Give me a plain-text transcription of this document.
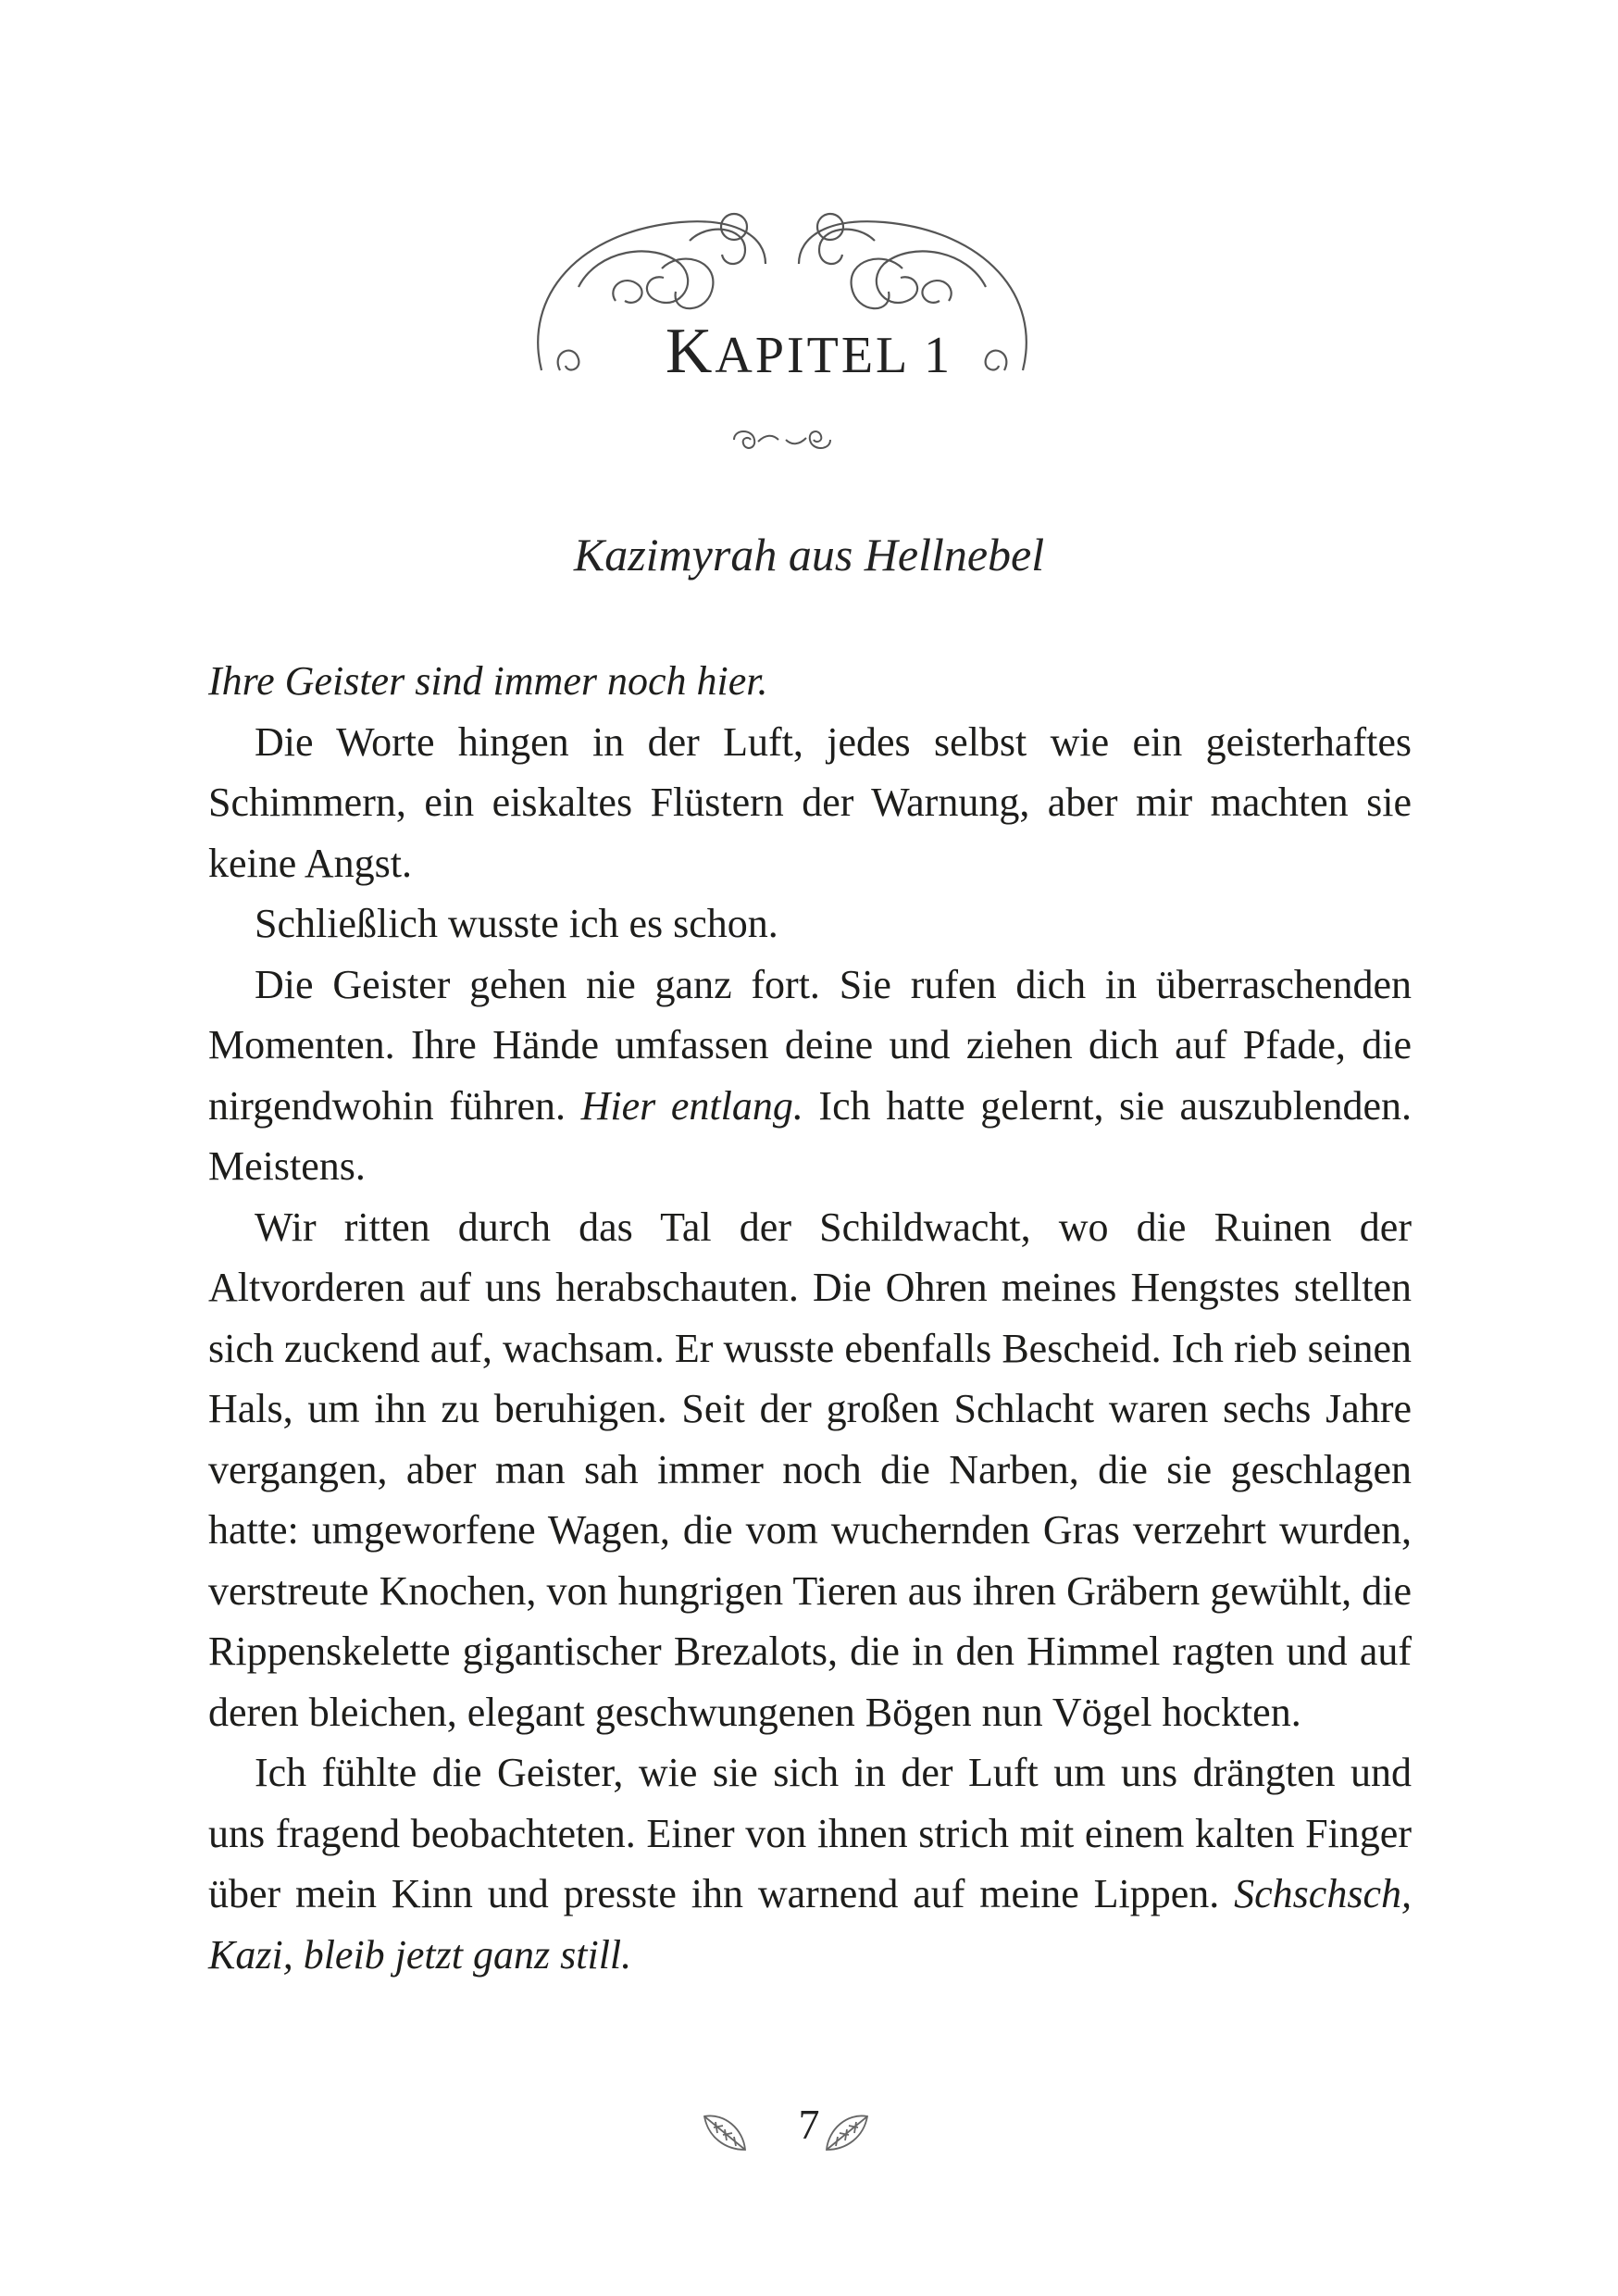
KAPITEL 1
Kazimyrah aus Hellnebel

Ihre Geister sind immer noch hier.

Die Worte hingen in der Luft, jedes selbst wie ein geisterhaftes Schimmern, ein eiskaltes Flüstern der Warnung, aber mir machten sie keine Angst.

Schließlich wusste ich es schon.

Die Geister gehen nie ganz fort. Sie rufen dich in überraschenden Momenten. Ihre Hände umfassen deine und ziehen dich auf Pfade, die nirgendwohin führen. Hier entlang. Ich hatte gelernt, sie auszublenden. Meistens.

Wir ritten durch das Tal der Schildwacht, wo die Ruinen der Altvorderen auf uns herabschauten. Die Ohren meines Hengstes stellten sich zuckend auf, wachsam. Er wusste ebenfalls Bescheid. Ich rieb seinen Hals, um ihn zu beruhigen. Seit der großen Schlacht waren sechs Jahre vergangen, aber man sah immer noch die Narben, die sie geschlagen hatte: umgeworfene Wagen, die vom wuchernden Gras verzehrt wurden, verstreute Knochen, von hungrigen Tieren aus ihren Gräbern gewühlt, die Rippenskelette gigantischer Brezalots, die in den Himmel ragten und auf deren bleichen, elegant geschwungenen Bögen nun Vögel hockten.

Ich fühlte die Geister, wie sie sich in der Luft um uns drängten und uns fragend beobachteten. Einer von ihnen strich mit einem kalten Finger über mein Kinn und presste ihn warnend auf meine Lippen. Schschsch, Kazi, bleib jetzt ganz still.

7
